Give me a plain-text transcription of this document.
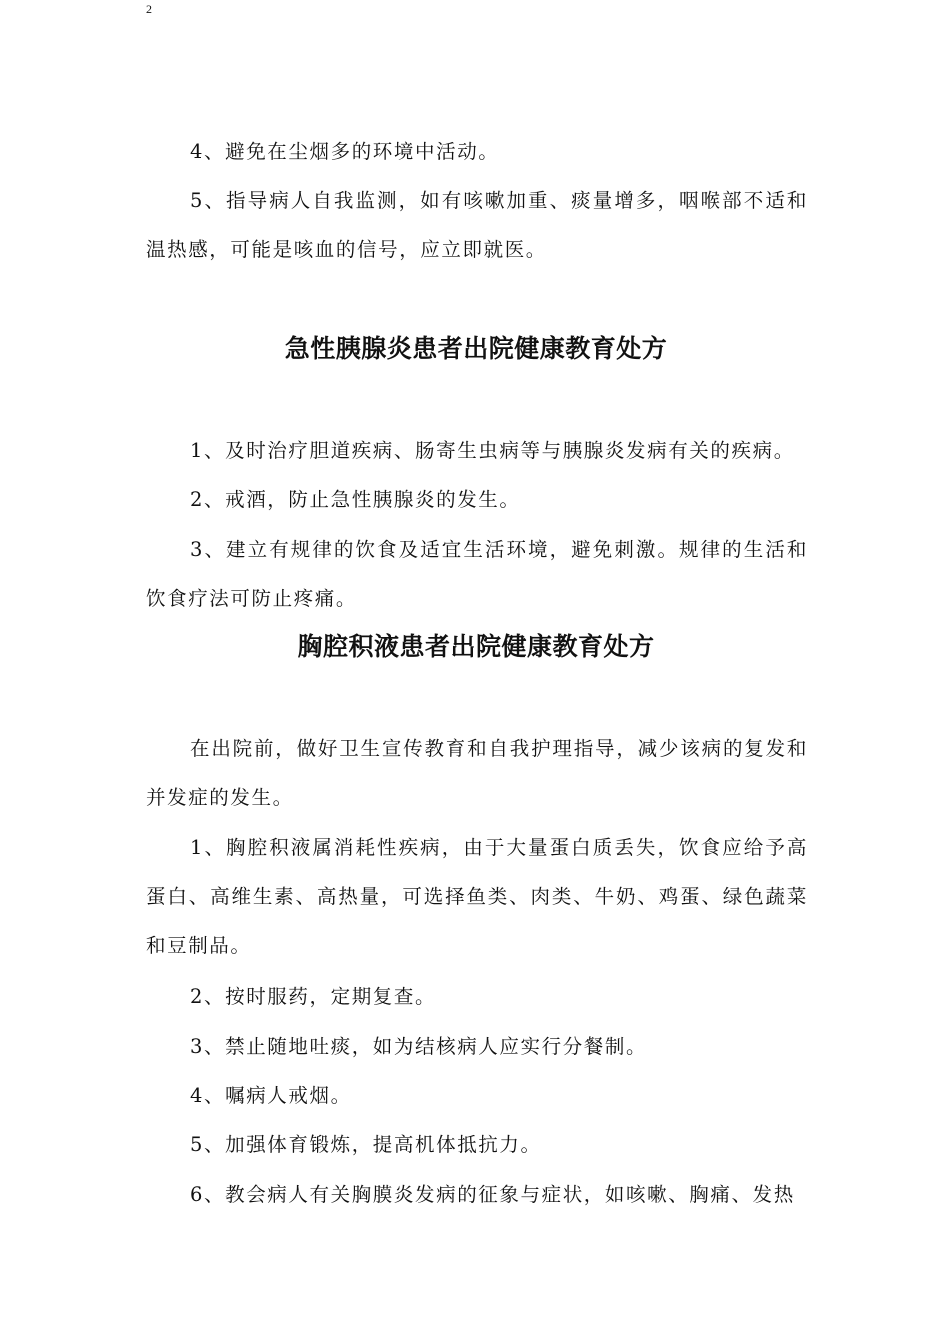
2
4、避免在尘烟多的环境中活动。
5、指导病人自我监测，如有咳嗽加重、痰量增多，咽喉部不适和温热感，可能是咳血的信号，应立即就医。
急性胰腺炎患者出院健康教育处方
1、及时治疗胆道疾病、肠寄生虫病等与胰腺炎发病有关的疾病。
2、戒酒，防止急性胰腺炎的发生。
3、建立有规律的饮食及适宜生活环境，避免刺激。规律的生活和饮食疗法可防止疼痛。
胸腔积液患者出院健康教育处方
在出院前，做好卫生宣传教育和自我护理指导，减少该病的复发和并发症的发生。
1、胸腔积液属消耗性疾病，由于大量蛋白质丢失，饮食应给予高蛋白、高维生素、高热量，可选择鱼类、肉类、牛奶、鸡蛋、绿色蔬菜和豆制品。
2、按时服药，定期复查。
3、禁止随地吐痰，如为结核病人应实行分餐制。
4、嘱病人戒烟。
5、加强体育锻炼，提高机体抵抗力。
6、教会病人有关胸膜炎发病的征象与症状，如咳嗽、胸痛、发热
